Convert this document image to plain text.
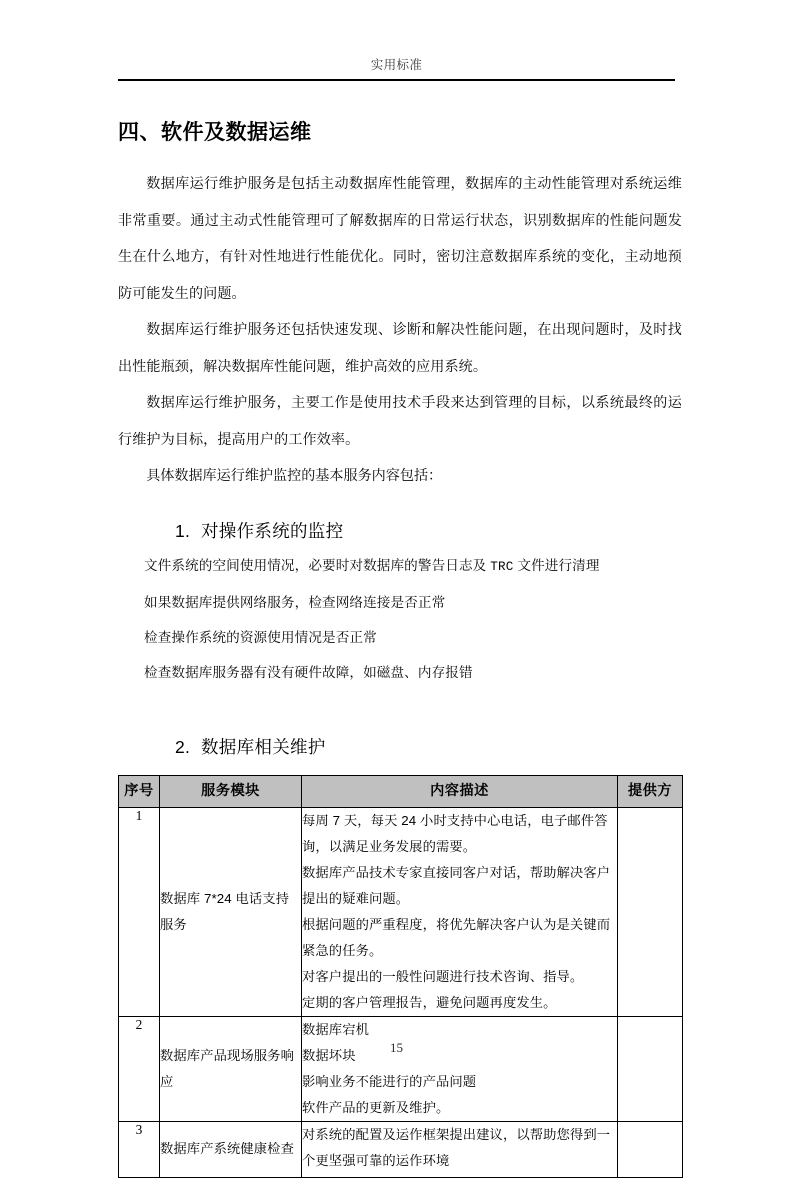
实用标准
四、软件及数据运维

数据库运行维护服务是包括主动数据库性能管理，数据库的主动性能管理对系统运维非常重要。通过主动式性能管理可了解数据库的日常运行状态，识别数据库的性能问题发生在什么地方，有针对性地进行性能优化。同时，密切注意数据库系统的变化，主动地预防可能发生的问题。

数据库运行维护服务还包括快速发现、诊断和解决性能问题，在出现问题时，及时找出性能瓶颈，解决数据库性能问题，维护高效的应用系统。

数据库运行维护服务，主要工作是使用技术手段来达到管理的目标，以系统最终的运行维护为目标，提高用户的工作效率。

具体数据库运行维护监控的基本服务内容包括：

1. 对操作系统的监控
文件系统的空间使用情况，必要时对数据库的警告日志及 TRC 文件进行清理
如果数据库提供网络服务，检查网络连接是否正常
检查操作系统的资源使用情况是否正常
检查数据库服务器有没有硬件故障，如磁盘、内存报错
2. 数据库相关维护
序号	服务模块	内容描述	提供方
1	数据库 7*24 电话支持服务	每周 7 天，每天 24 小时支持中心电话，电子邮件答询，以满足业务发展的需要。
数据库产品技术专家直接同客户对话，帮助解决客户提出的疑难问题。
根据问题的严重程度，将优先解决客户认为是关键而紧急的任务。
对客户提出的一般性问题进行技术咨询、指导。
定期的客户管理报告，避免问题再度发生。	

2	数据库产品现场服务响应	数据库宕机
数据坏块
影响业务不能进行的产品问题
软件产品的更新及维护。	

3	数据库产系统健康检查	对系统的配置及运作框架提出建议，以帮助您得到一个更坚强可靠的运作环境	

15
